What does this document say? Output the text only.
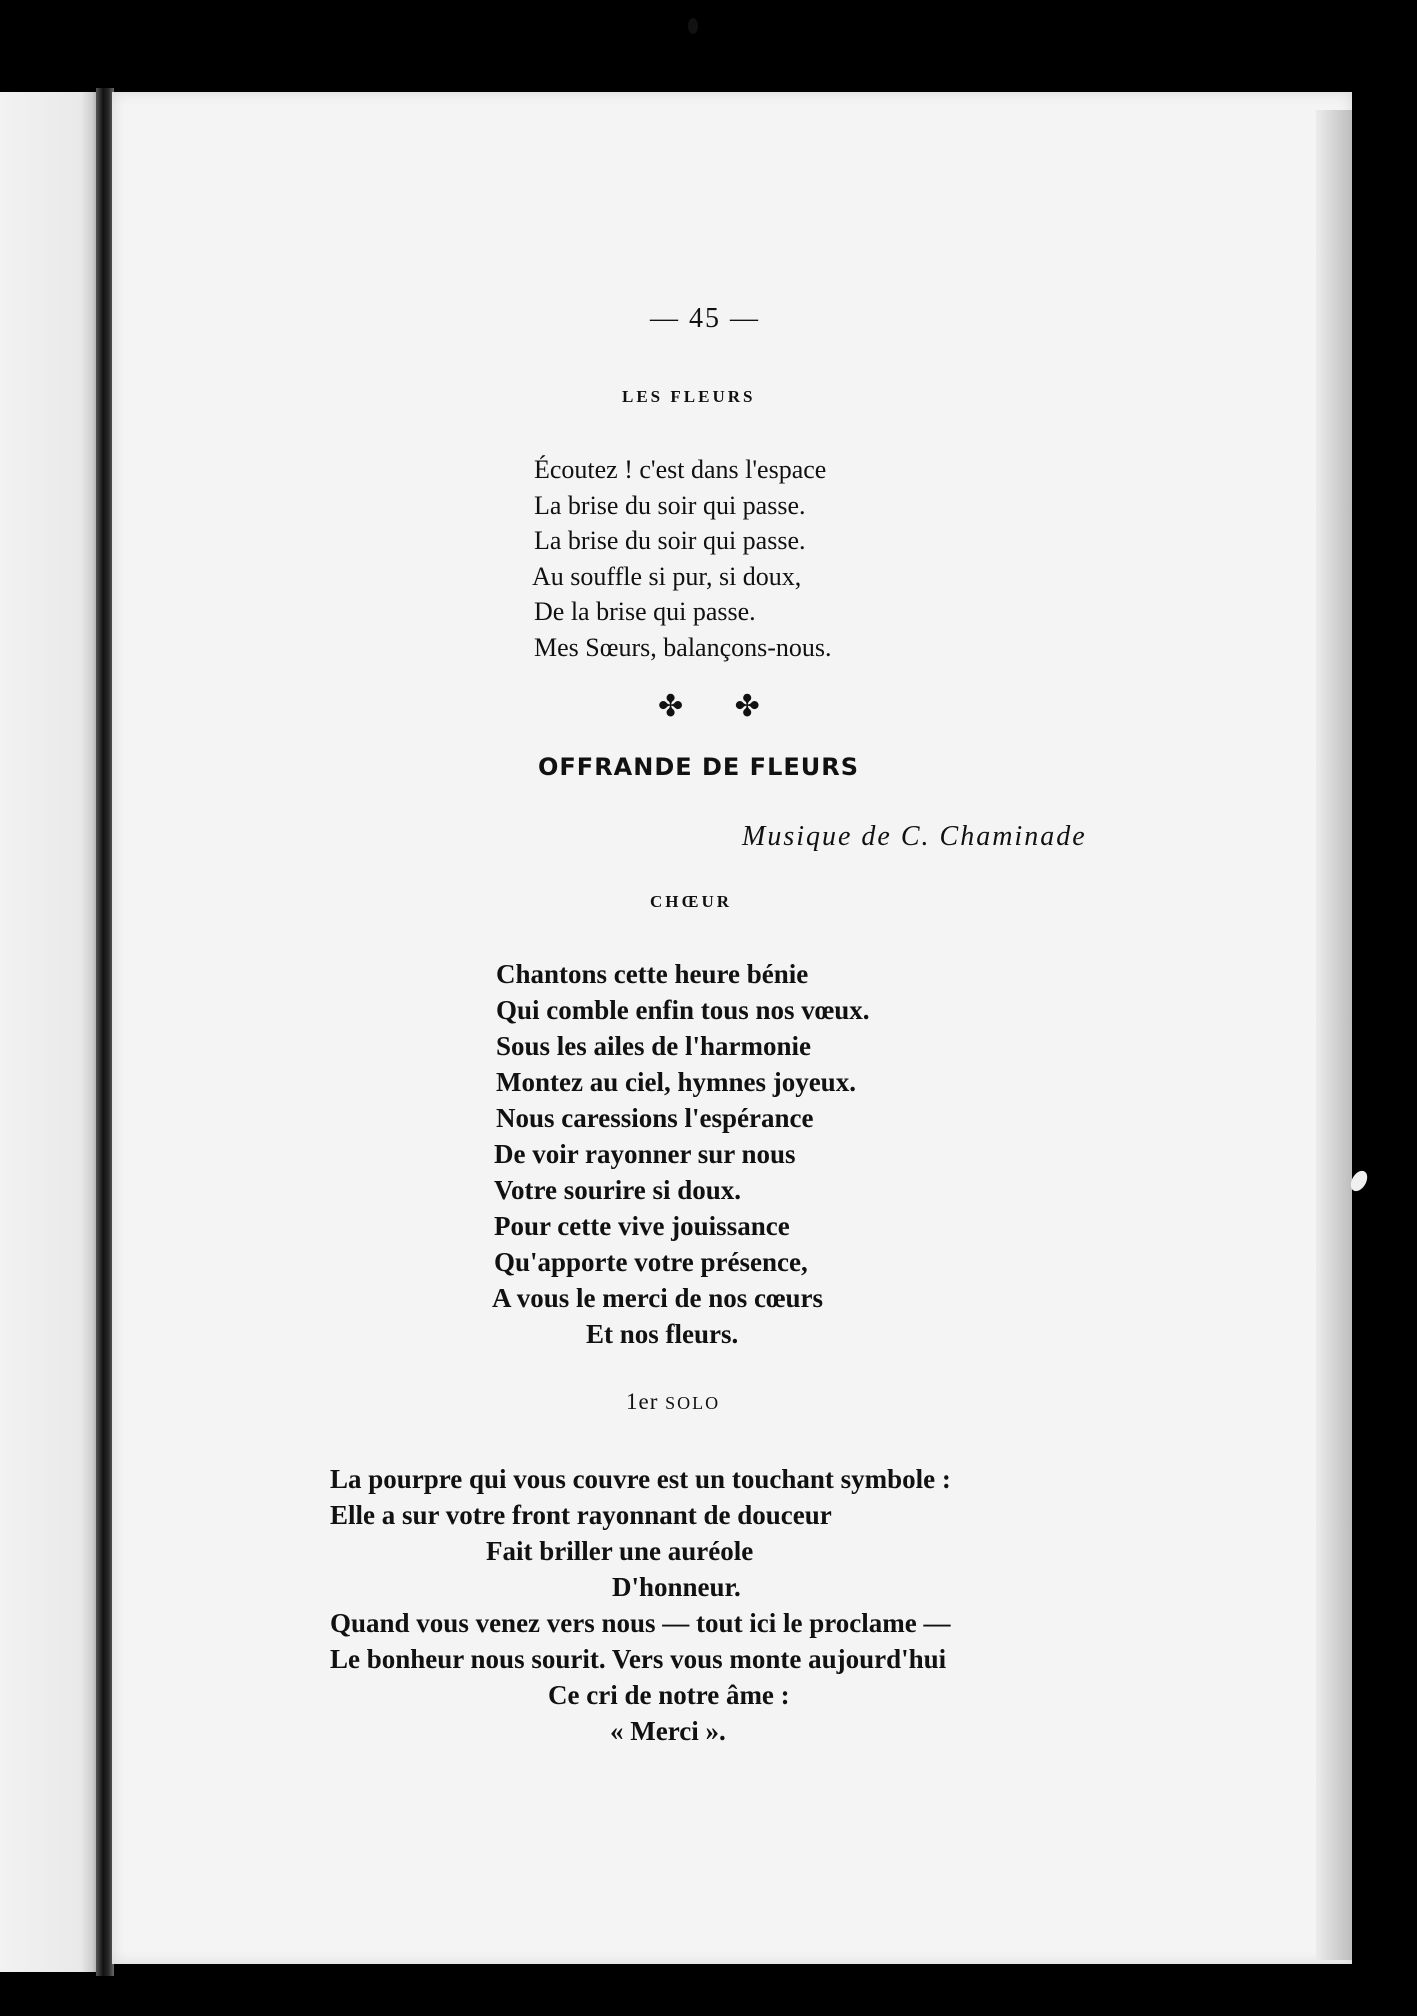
— 45 —
LES FLEURS
Écoutez ! c'est dans l'espace
La brise du soir qui passe.
La brise du soir qui passe.
Au souffle si pur, si doux,
De la brise qui passe.
Mes Sœurs, balançons-nous.
✤ ✤
OFFRANDE DE FLEURS
Musique de C. Chaminade
CHŒUR
Chantons cette heure bénie
Qui comble enfin tous nos vœux.
Sous les ailes de l'harmonie
Montez au ciel, hymnes joyeux.
Nous caressions l'espérance
De voir rayonner sur nous
Votre sourire si doux.
Pour cette vive jouissance
Qu'apporte votre présence,
A vous le merci de nos cœurs
Et nos fleurs.
1er SOLO
La pourpre qui vous couvre est un touchant symbole :
Elle a sur votre front rayonnant de douceur
Fait briller une auréole
D'honneur.
Quand vous venez vers nous — tout ici le proclame —
Le bonheur nous sourit. Vers vous monte aujourd'hui
Ce cri de notre âme :
« Merci ».
